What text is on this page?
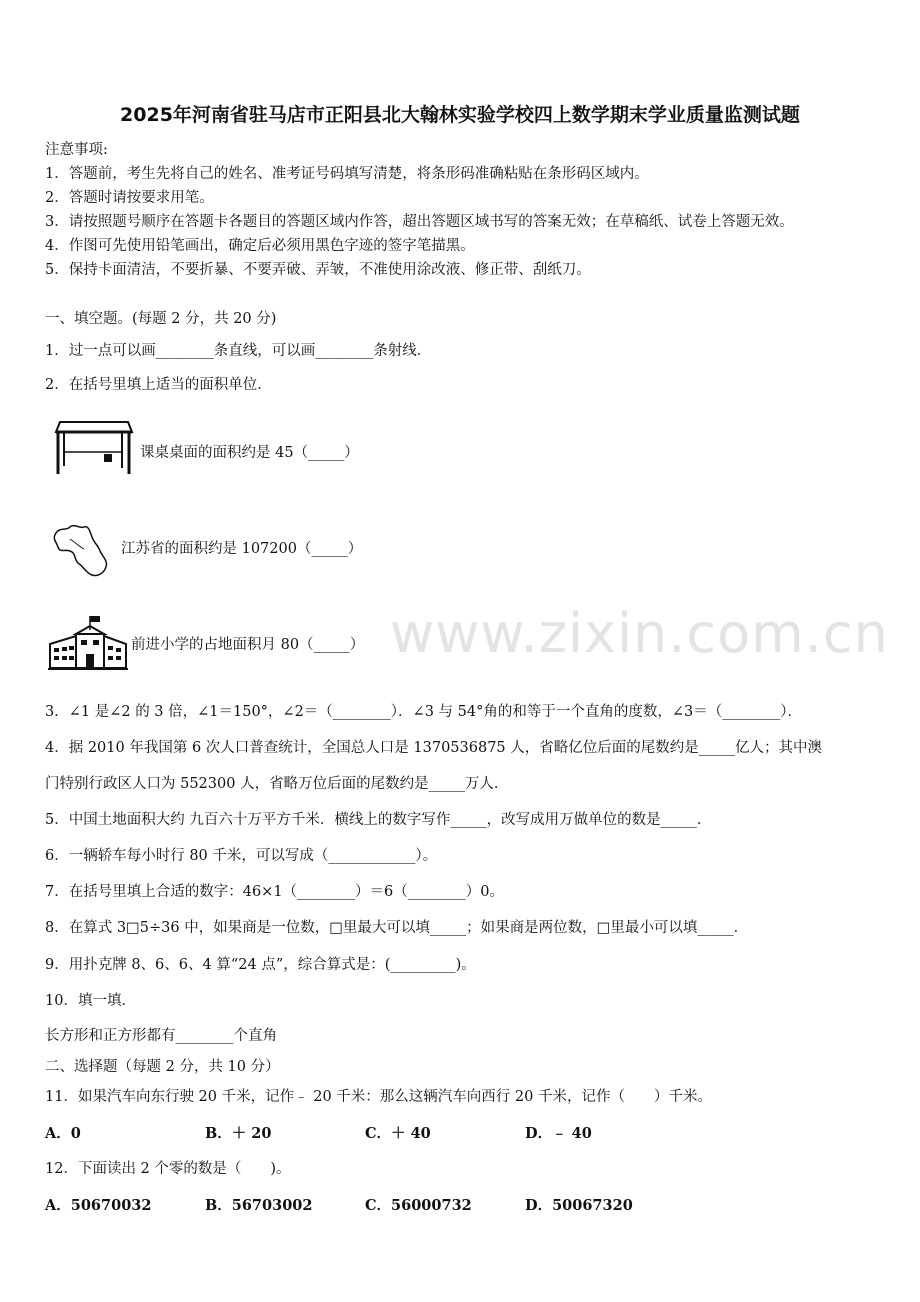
2025年河南省驻马店市正阳县北大翰林实验学校四上数学期末学业质量监测试题
注意事项:
1．答题前，考生先将自己的姓名、准考证号码填写清楚，将条形码准确粘贴在条形码区域内。
2．答题时请按要求用笔。
3．请按照题号顺序在答题卡各题目的答题区域内作答，超出答题区域书写的答案无效；在草稿纸、试卷上答题无效。
4．作图可先使用铅笔画出，确定后必须用黑色字迹的签字笔描黑。
5．保持卡面清洁，不要折暴、不要弄破、弄皱，不准使用涂改液、修正带、刮纸刀。
一、填空题。(每题 2 分，共 20 分)
1．过一点可以画________条直线，可以画________条射线．
2．在括号里填上适当的面积单位．
课桌桌面的面积约是 45（_____）
江苏省的面积约是 107200（_____）
前进小学的占地面积月 80（_____）
3．∠1 是∠2 的 3 倍，∠1＝150°，∠2＝（________）．∠3 与 54°角的和等于一个直角的度数，∠3＝（________）．
4．据 2010 年我国第 6 次人口普查统计，全国总人口是 1370536875 人，省略亿位后面的尾数约是_____亿人；其中澳
门特别行政区人口为 552300 人，省略万位后面的尾数约是_____万人．
5．中国土地面积大约 九百六十万平方千米．横线上的数字写作_____，改写成用万做单位的数是_____．
6．一辆轿车每小时行 80 千米，可以写成（____________）。
7．在括号里填上合适的数字：46×1（________）＝6（________）0。
8．在算式 3□5÷36 中，如果商是一位数，□里最大可以填_____；如果商是两位数，□里最小可以填_____．
9．用扑克牌 8、6、6、4 算“24 点”，综合算式是：(_________)。
10．填一填．
长方形和正方形都有________个直角
二、选择题（每题 2 分，共 10 分）
11．如果汽车向东行驶 20 千米，记作﹣ 20 千米：那么这辆汽车向西行 20 千米，记作（　　）千米。
A．0	B．＋ 20	C．＋ 40	D．﹣ 40
12．下面读出 2 个零的数是（　　)。
A．50670032	B．56703002	C．56000732	D．50067320
www.zixin.com.cn
